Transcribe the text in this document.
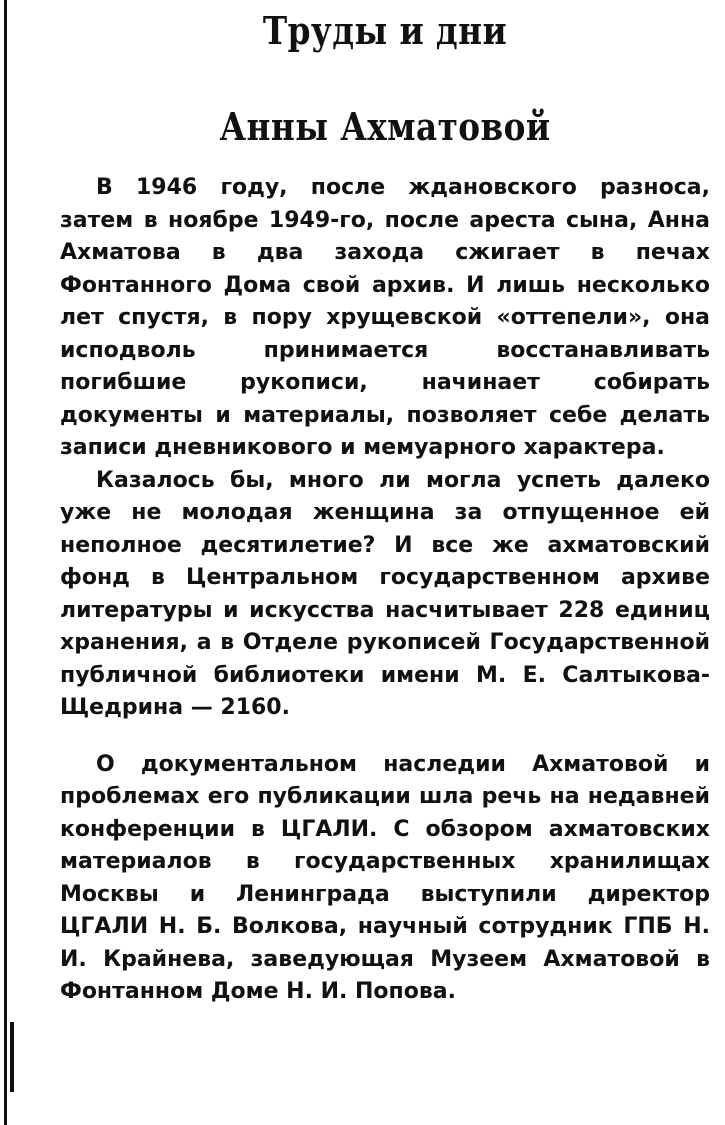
Труды и дни
Анны Ахматовой

В 1946 году, после ждановского разноса, затем в ноябре 1949-го, после ареста сына, Анна Ахматова в два захода сжигает в печах Фонтанного Дома свой архив. И лишь несколько лет спустя, в пору хрущевской «оттепели», она исподволь принимается восстанавливать погибшие рукописи, начинает собирать документы и материалы, позволяет себе делать записи дневникового и мемуарного характера.

Казалось бы, много ли могла успеть далеко уже не молодая женщина за отпущенное ей неполное десятилетие? И все же ахматовский фонд в Центральном государственном архиве литературы и искусства насчитывает 228 единиц хранения, а в Отделе рукописей Государственной публичной библиотеки имени М. Е. Салтыкова-Щедрина — 2160.

О документальном наследии Ахматовой и проблемах его публикации шла речь на недавней конференции в ЦГАЛИ. С обзором ахматовских материалов в государственных хранилищах Москвы и Ленинграда выступили директор ЦГАЛИ Н. Б. Волкова, научный сотрудник ГПБ Н. И. Крайнева, заведующая Музеем Ахматовой в Фонтанном Доме Н. И. Попова.
